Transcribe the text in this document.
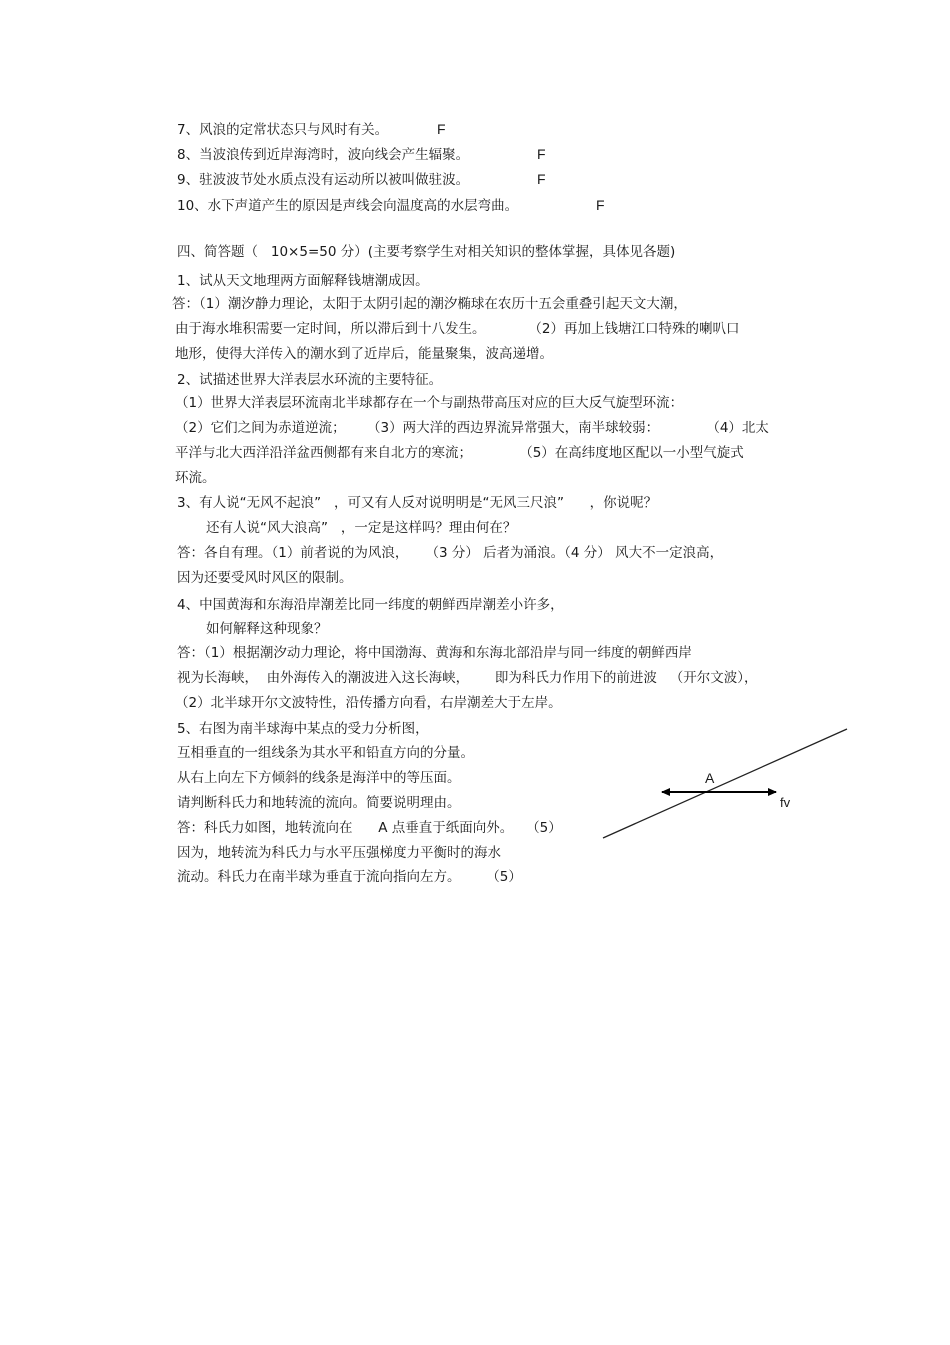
7、风浪的定常状态只与风时有关。	F
8、当波浪传到近岸海湾时，波向线会产生辐聚。	F
9、驻波波节处水质点没有运动所以被叫做驻波。	F
10、水下声道产生的原因是声线会向温度高的水层弯曲。	F
四、简答题（   10×5=50 分）(主要考察学生对相关知识的整体掌握，具体见各题)
1、试从天文地理两方面解释钱塘潮成因。
答：（1）潮汐静力理论，太阳于太阴引起的潮汐椭球在农历十五会重叠引起天文大潮，
由于海水堆积需要一定时间，所以滞后到十八发生。          （2）再加上钱塘江口特殊的喇叭口
地形，使得大洋传入的潮水到了近岸后，能量聚集，波高递增。
2、试描述世界大洋表层水环流的主要特征。
（1）世界大洋表层环流南北半球都存在一个与副热带高压对应的巨大反气旋型环流：
（2）它们之间为赤道逆流；     （3）两大洋的西边界流异常强大，南半球较弱：           （4）北太
平洋与北大西洋沿洋盆西侧都有来自北方的寒流；           （5）在高纬度地区配以一小型气旋式
环流。
3、有人说“无风不起浪”   ，可又有人反对说明明是“无风三尺浪”      ，你说呢？
还有人说“风大浪高”   ，一定是这样吗？理由何在？
答：各自有理。（1）前者说的为风浪，    （3 分） 后者为涌浪。（4 分） 风大不一定浪高，
因为还要受风时风区的限制。
4、中国黄海和东海沿岸潮差比同一纬度的朝鲜西岸潮差小许多，
如何解释这种现象？
答：（1）根据潮汐动力理论，将中国渤海、黄海和东海北部沿岸与同一纬度的朝鲜西岸
视为长海峡，  由外海传入的潮波进入这长海峡，      即为科氏力作用下的前进波   （开尔文波），
（2）北半球开尔文波特性，沿传播方向看，右岸潮差大于左岸。
5、右图为南半球海中某点的受力分析图，
互相垂直的一组线条为其水平和铅直方向的分量。
从右上向左下方倾斜的线条是海洋中的等压面。
请判断科氏力和地转流的流向。简要说明理由。
答：科氏力如图，地转流向在      A 点垂直于纸面向外。   （5）
因为，地转流为科氏力与水平压强梯度力平衡时的海水
流动。科氏力在南半球为垂直于流向指向左方。      （5）
A
fv
